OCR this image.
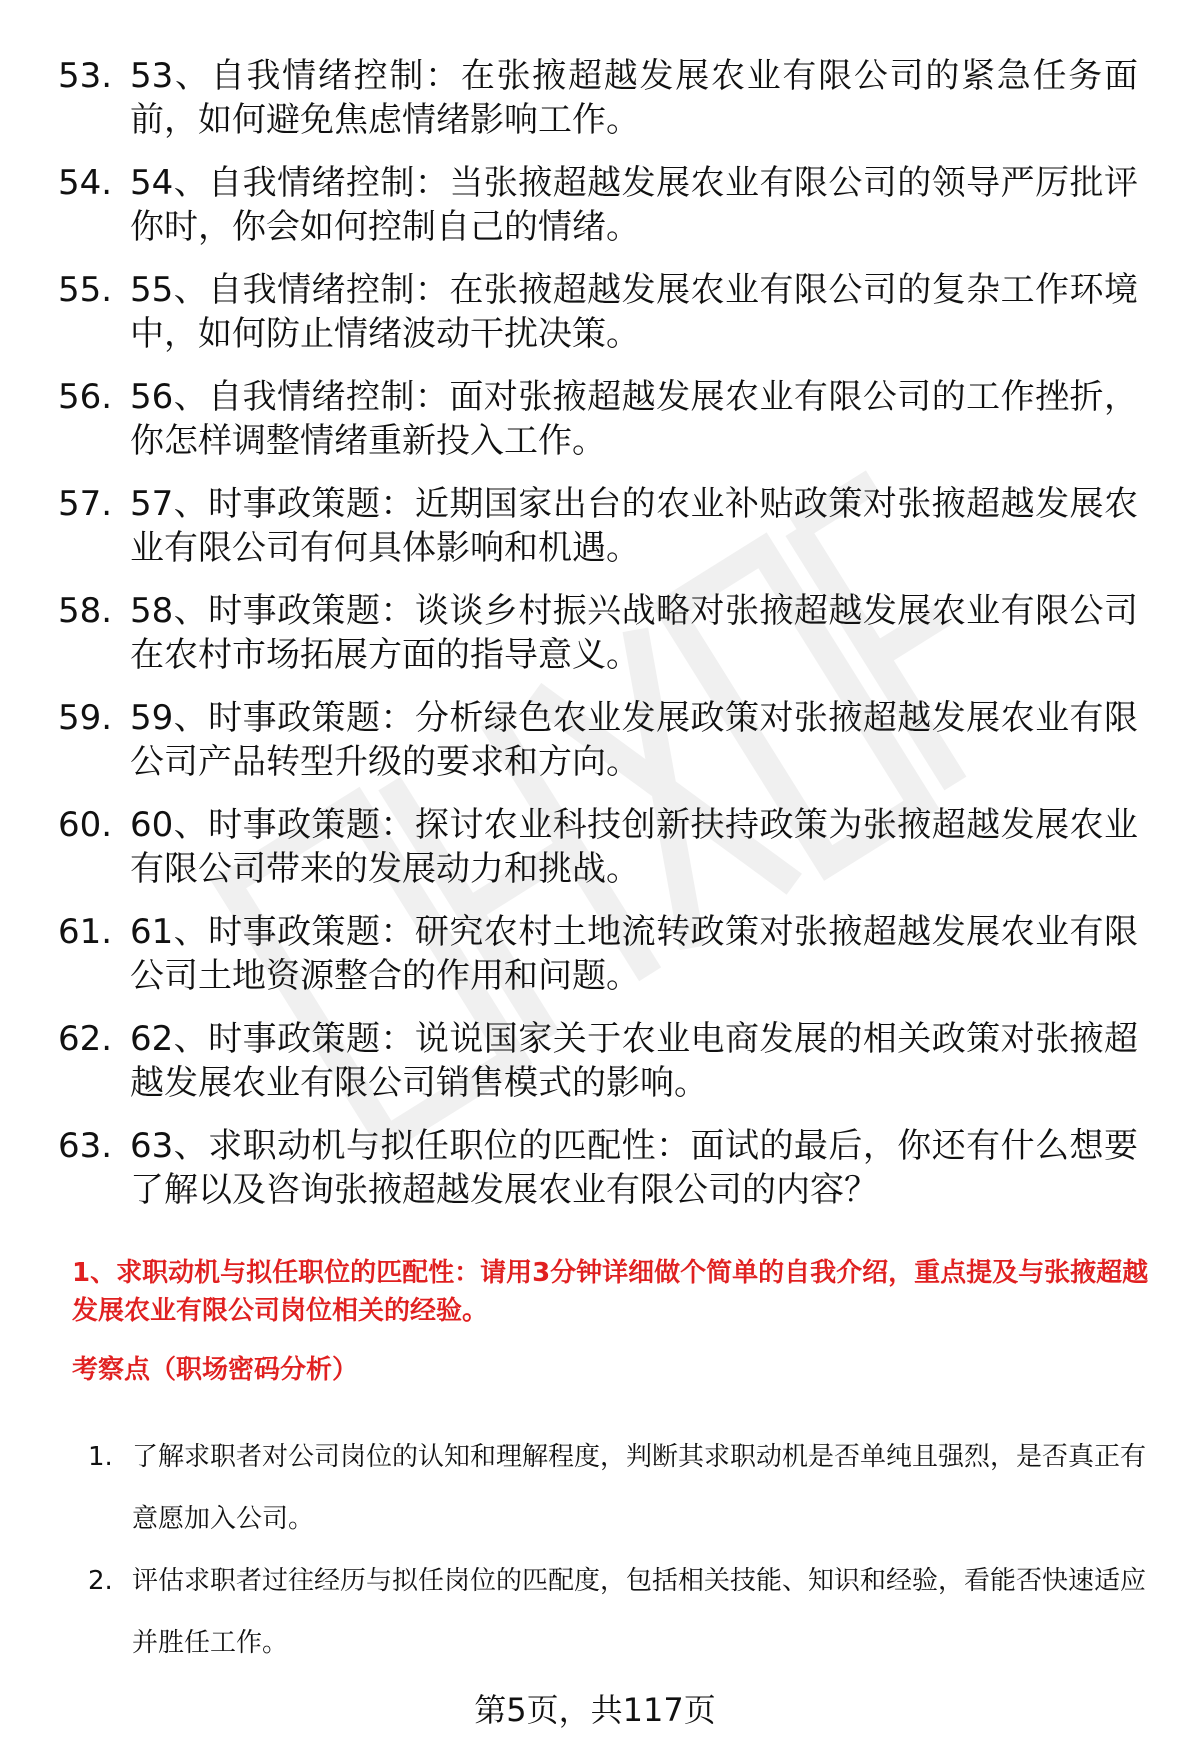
53. 53、自我情绪控制：在张掖超越发展农业有限公司的紧急任务面前，如何避免焦虑情绪影响工作。
54. 54、自我情绪控制：当张掖超越发展农业有限公司的领导严厉批评你时，你会如何控制自己的情绪。
55. 55、自我情绪控制：在张掖超越发展农业有限公司的复杂工作环境中，如何防止情绪波动干扰决策。
56. 56、自我情绪控制：面对张掖超越发展农业有限公司的工作挫折，你怎样调整情绪重新投入工作。
57. 57、时事政策题：近期国家出台的农业补贴政策对张掖超越发展农业有限公司有何具体影响和机遇。
58. 58、时事政策题：谈谈乡村振兴战略对张掖超越发展农业有限公司在农村市场拓展方面的指导意义。
59. 59、时事政策题：分析绿色农业发展政策对张掖超越发展农业有限公司产品转型升级的要求和方向。
60. 60、时事政策题：探讨农业科技创新扶持政策为张掖超越发展农业有限公司带来的发展动力和挑战。
61. 61、时事政策题：研究农村土地流转政策对张掖超越发展农业有限公司土地资源整合的作用和问题。
62. 62、时事政策题：说说国家关于农业电商发展的相关政策对张掖超越发展农业有限公司销售模式的影响。
63. 63、求职动机与拟任职位的匹配性：面试的最后，你还有什么想要了解以及咨询张掖超越发展农业有限公司的内容？

1、求职动机与拟任职位的匹配性：请用3分钟详细做个简单的自我介绍，重点提及与张掖超越发展农业有限公司岗位相关的经验。

考察点（职场密码分析）

1. 了解求职者对公司岗位的认知和理解程度，判断其求职动机是否单纯且强烈，是否真正有意愿加入公司。
2. 评估求职者过往经历与拟任岗位的匹配度，包括相关技能、知识和经验，看能否快速适应并胜任工作。
第5页，共117页
